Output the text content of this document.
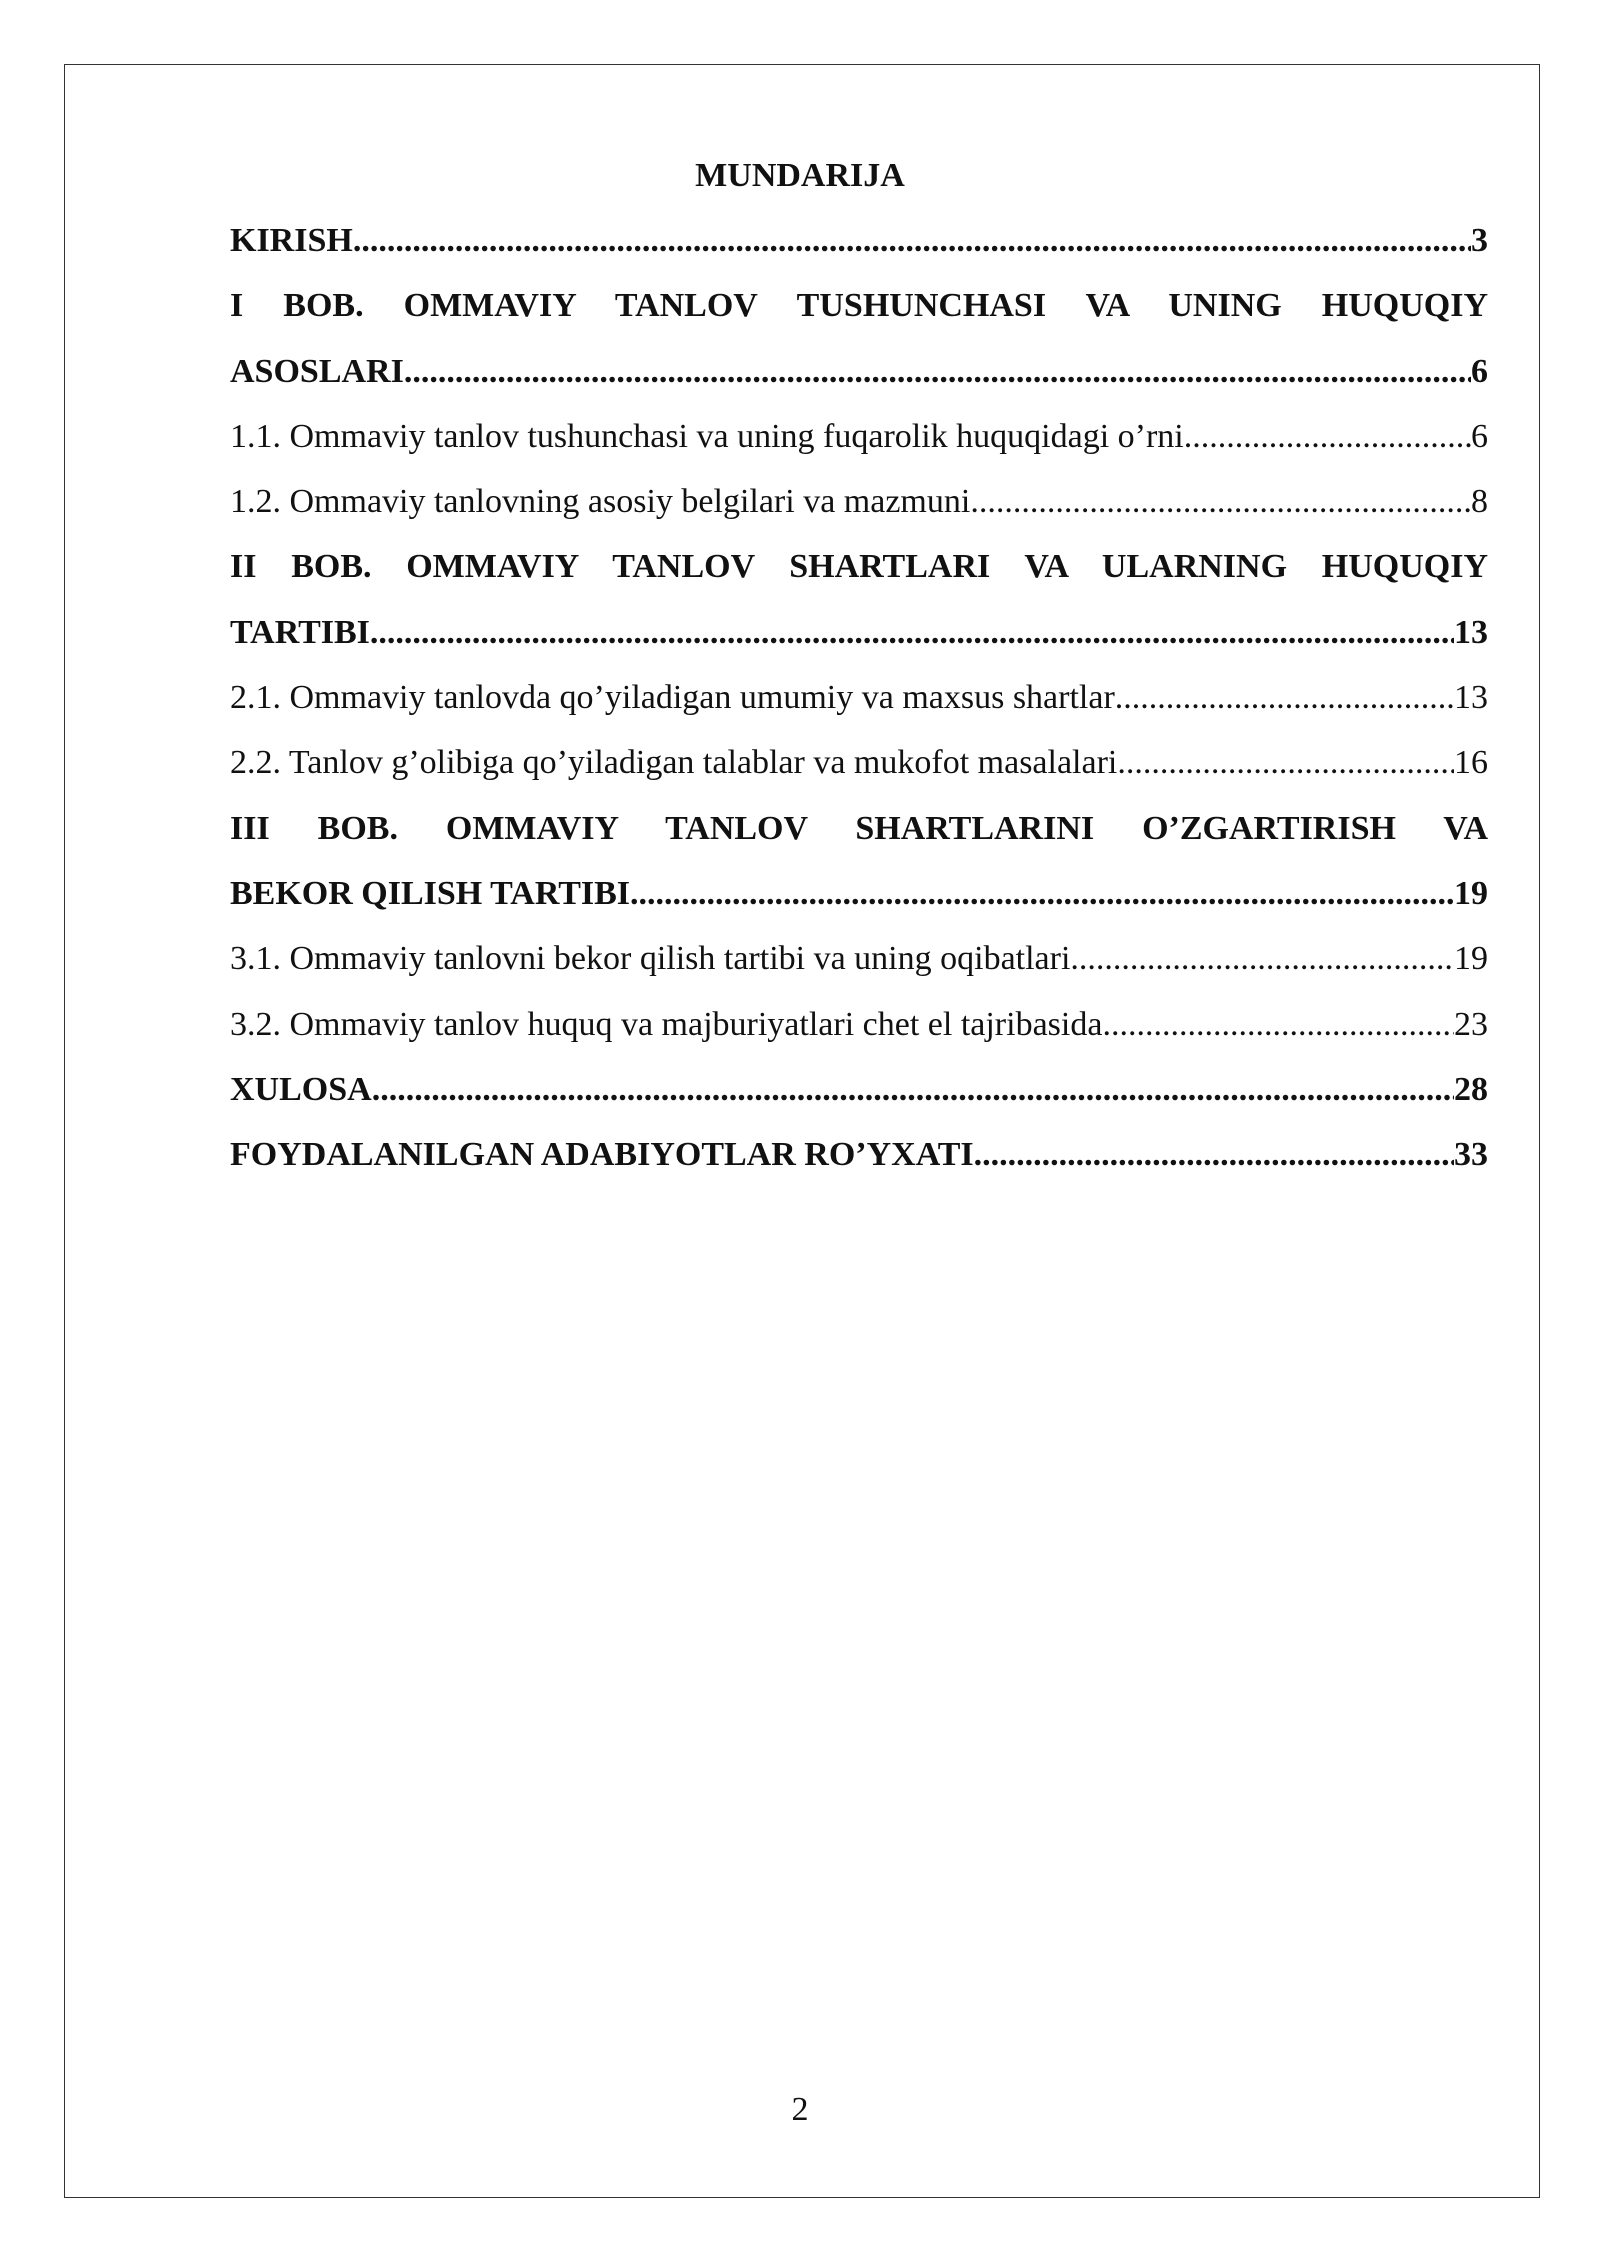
MUNDARIJA
KIRISH .....	3
I BOB. OMMAVIY TANLOV TUSHUNCHASI VA UNING HUQUQIY
ASOSLARI .....	6
1.1. Ommaviy tanlov tushunchasi va uning fuqarolik huquqidagi o’rni .....	6
1.2. Ommaviy tanlovning asosiy belgilari va mazmuni .....	8
II BOB. OMMAVIY TANLOV SHARTLARI VA ULARNING HUQUQIY
TARTIBI .....	13
2.1. Ommaviy tanlovda qo’yiladigan umumiy va maxsus shartlar .....	13
2.2. Tanlov g’olibiga qo’yiladigan talablar va mukofot masalalari .....	16
III BOB. OMMAVIY TANLOV SHARTLARINI O’ZGARTIRISH VA
BEKOR QILISH TARTIBI .....	19
3.1. Ommaviy tanlovni bekor qilish tartibi va uning oqibatlari .....	19
3.2. Ommaviy tanlov huquq va majburiyatlari chet el tajribasida .....	23
XULOSA .....	28
FOYDALANILGAN ADABIYOTLAR RO’YXATI .....	33
2
